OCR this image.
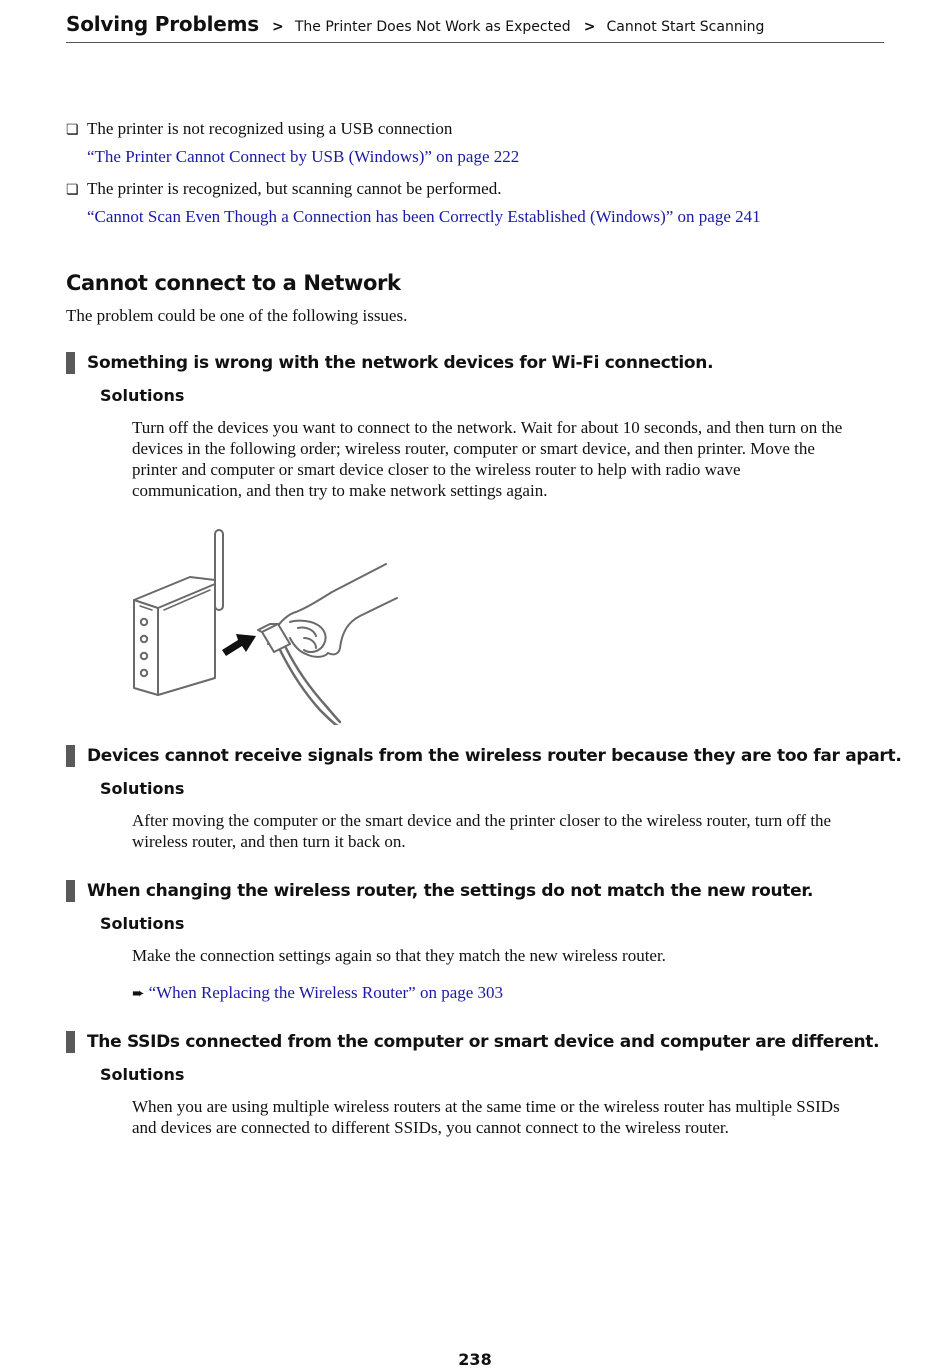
Solving Problems > The Printer Does Not Work as Expected > Cannot Start Scanning
❏ The printer is not recognized using a USB connection
“The Printer Cannot Connect by USB (Windows)” on page 222
❏ The printer is recognized, but scanning cannot be performed.
“Cannot Scan Even Though a Connection has been Correctly Established (Windows)” on page 241
Cannot connect to a Network
The problem could be one of the following issues.
Something is wrong with the network devices for Wi-Fi connection.
Solutions
Turn off the devices you want to connect to the network. Wait for about 10 seconds, and then turn on the
devices in the following order; wireless router, computer or smart device, and then printer. Move the
printer and computer or smart device closer to the wireless router to help with radio wave
communication, and then try to make network settings again.
Devices cannot receive signals from the wireless router because they are too far apart.
Solutions
After moving the computer or the smart device and the printer closer to the wireless router, turn off the
wireless router, and then turn it back on.
When changing the wireless router, the settings do not match the new router.
Solutions
Make the connection settings again so that they match the new wireless router.
➨ “When Replacing the Wireless Router” on page 303
The SSIDs connected from the computer or smart device and computer are different.
Solutions
When you are using multiple wireless routers at the same time or the wireless router has multiple SSIDs
and devices are connected to different SSIDs, you cannot connect to the wireless router.
238
